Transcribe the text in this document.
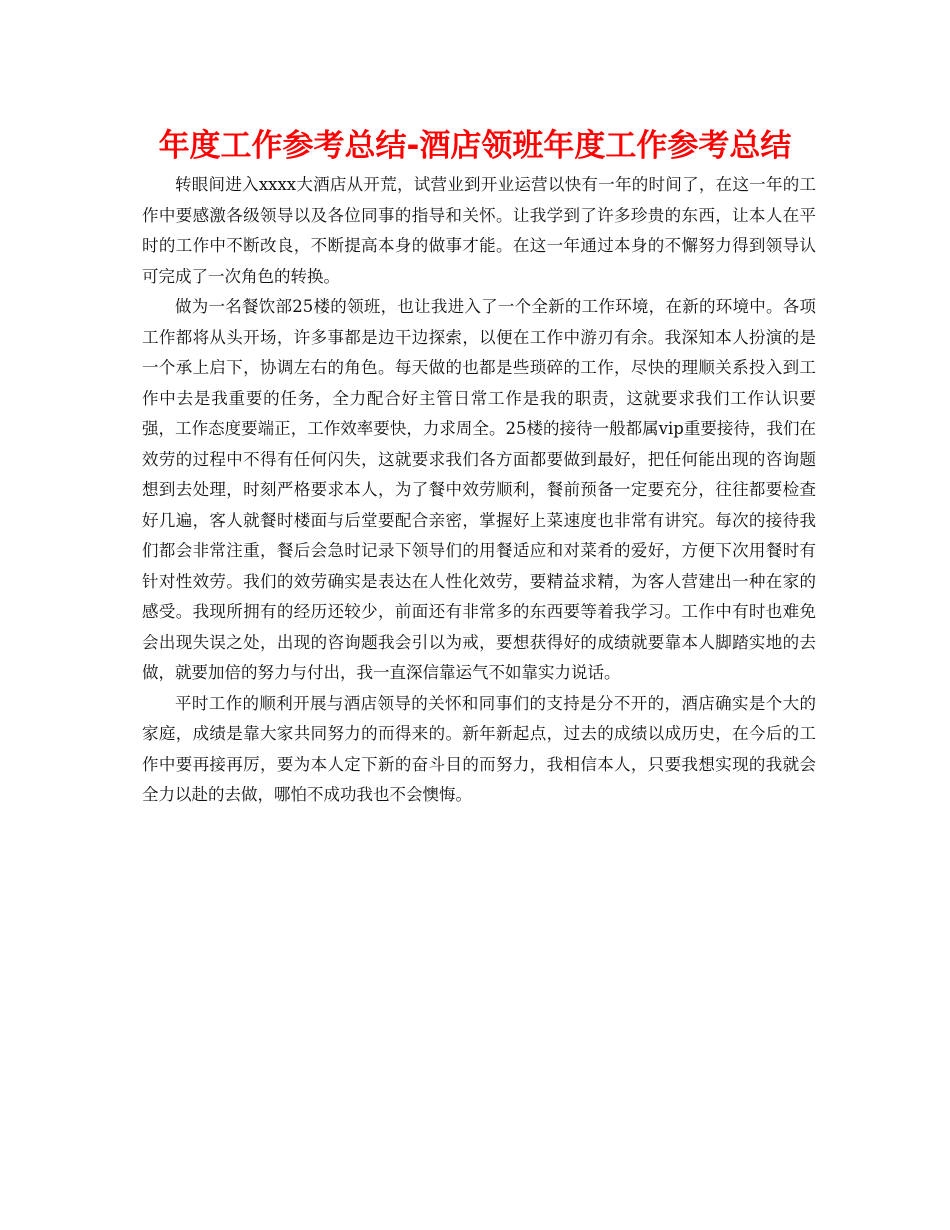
年度工作参考总结-酒店领班年度工作参考总结

转眼间进入xxxx大酒店从开荒，试营业到开业运营以快有一年的时间了，在这一年的工作中要感激各级领导以及各位同事的指导和关怀。让我学到了许多珍贵的东西，让本人在平时的工作中不断改良，不断提高本身的做事才能。在这一年通过本身的不懈努力得到领导认可完成了一次角色的转换。

做为一名餐饮部25楼的领班，也让我进入了一个全新的工作环境，在新的环境中。各项工作都将从头开场，许多事都是边干边探索，以便在工作中游刃有余。我深知本人扮演的是一个承上启下，协调左右的角色。每天做的也都是些琐碎的工作，尽快的理顺关系投入到工作中去是我重要的任务，全力配合好主管日常工作是我的职责，这就要求我们工作认识要强，工作态度要端正，工作效率要快，力求周全。25楼的接待一般都属vip重要接待，我们在效劳的过程中不得有任何闪失，这就要求我们各方面都要做到最好，把任何能出现的咨询题想到去处理，时刻严格要求本人，为了餐中效劳顺利，餐前预备一定要充分，往往都要检查好几遍，客人就餐时楼面与后堂要配合亲密，掌握好上菜速度也非常有讲究。每次的接待我们都会非常注重，餐后会急时记录下领导们的用餐适应和对菜肴的爱好，方便下次用餐时有针对性效劳。我们的效劳确实是表达在人性化效劳，要精益求精，为客人营建出一种在家的感受。我现所拥有的经历还较少，前面还有非常多的东西要等着我学习。工作中有时也难免会出现失误之处，出现的咨询题我会引以为戒，要想获得好的成绩就要靠本人脚踏实地的去做，就要加倍的努力与付出，我一直深信靠运气不如靠实力说话。

平时工作的顺利开展与酒店领导的关怀和同事们的支持是分不开的，酒店确实是个大的家庭，成绩是靠大家共同努力的而得来的。新年新起点，过去的成绩以成历史，在今后的工作中要再接再厉，要为本人定下新的奋斗目的而努力，我相信本人，只要我想实现的我就会全力以赴的去做，哪怕不成功我也不会懊悔。
